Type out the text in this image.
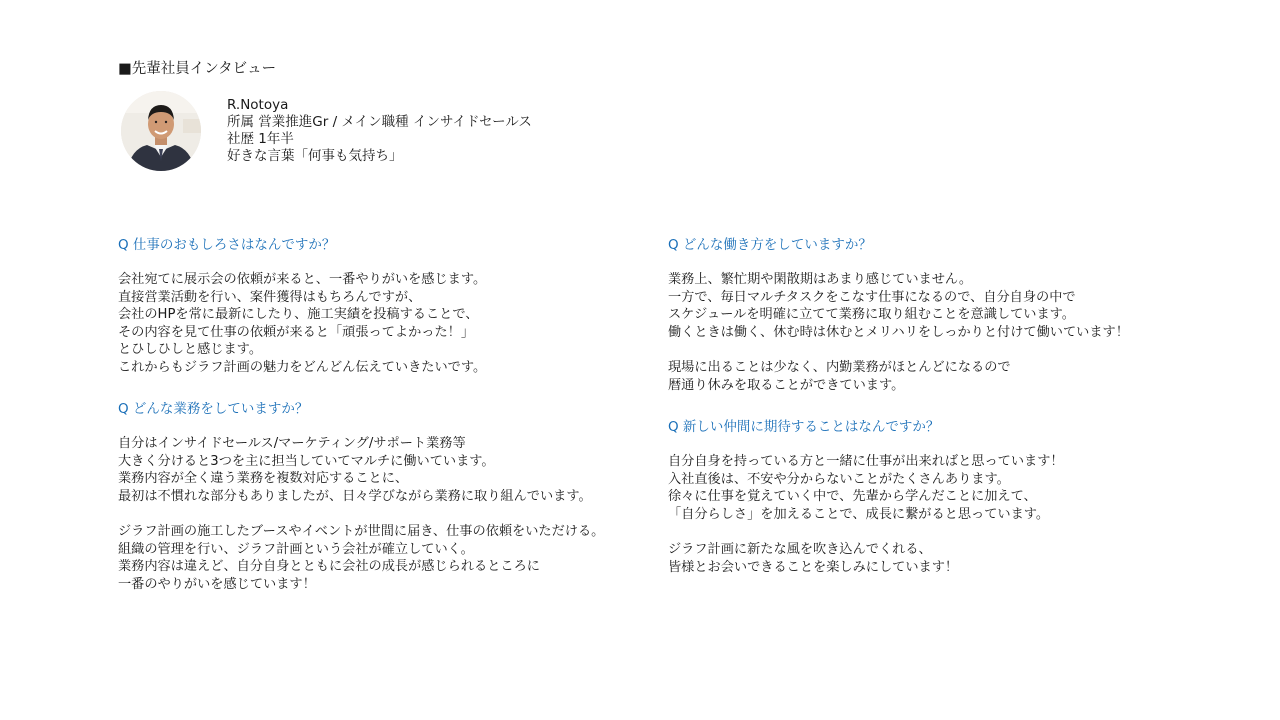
■先輩社員インタビュー
R.Notoya
所属 営業推進Gr / メイン職種 インサイドセールス
社歴 1年半
好きな言葉「何事も気持ち」
Q 仕事のおもしろさはなんですか？
会社宛てに展示会の依頼が来ると、一番やりがいを感じます。
直接営業活動を行い、案件獲得はもちろんですが、
会社のHPを常に最新にしたり、施工実績を投稿することで、
その内容を見て仕事の依頼が来ると「頑張ってよかった！」
とひしひしと感じます。
これからもジラフ計画の魅力をどんどん伝えていきたいです。
Q どんな業務をしていますか？
自分はインサイドセールス/マーケティング/サポート業務等
大きく分けると3つを主に担当していてマルチに働いています。
業務内容が全く違う業務を複数対応することに、
最初は不慣れな部分もありましたが、日々学びながら業務に取り組んでいます。
ジラフ計画の施工したブースやイベントが世間に届き、仕事の依頼をいただける。
組織の管理を行い、ジラフ計画という会社が確立していく。
業務内容は違えど、自分自身とともに会社の成長が感じられるところに
一番のやりがいを感じています！
Q どんな働き方をしていますか？
業務上、繁忙期や閑散期はあまり感じていません。
一方で、毎日マルチタスクをこなす仕事になるので、自分自身の中で
スケジュールを明確に立てて業務に取り組むことを意識しています。
働くときは働く、休む時は休むとメリハリをしっかりと付けて働いています！
現場に出ることは少なく、内勤業務がほとんどになるので
暦通り休みを取ることができています。
Q 新しい仲間に期待することはなんですか？
自分自身を持っている方と一緒に仕事が出来ればと思っています！
入社直後は、不安や分からないことがたくさんあります。
徐々に仕事を覚えていく中で、先輩から学んだことに加えて、
「自分らしさ」を加えることで、成長に繋がると思っています。
ジラフ計画に新たな風を吹き込んでくれる、
皆様とお会いできることを楽しみにしています！
